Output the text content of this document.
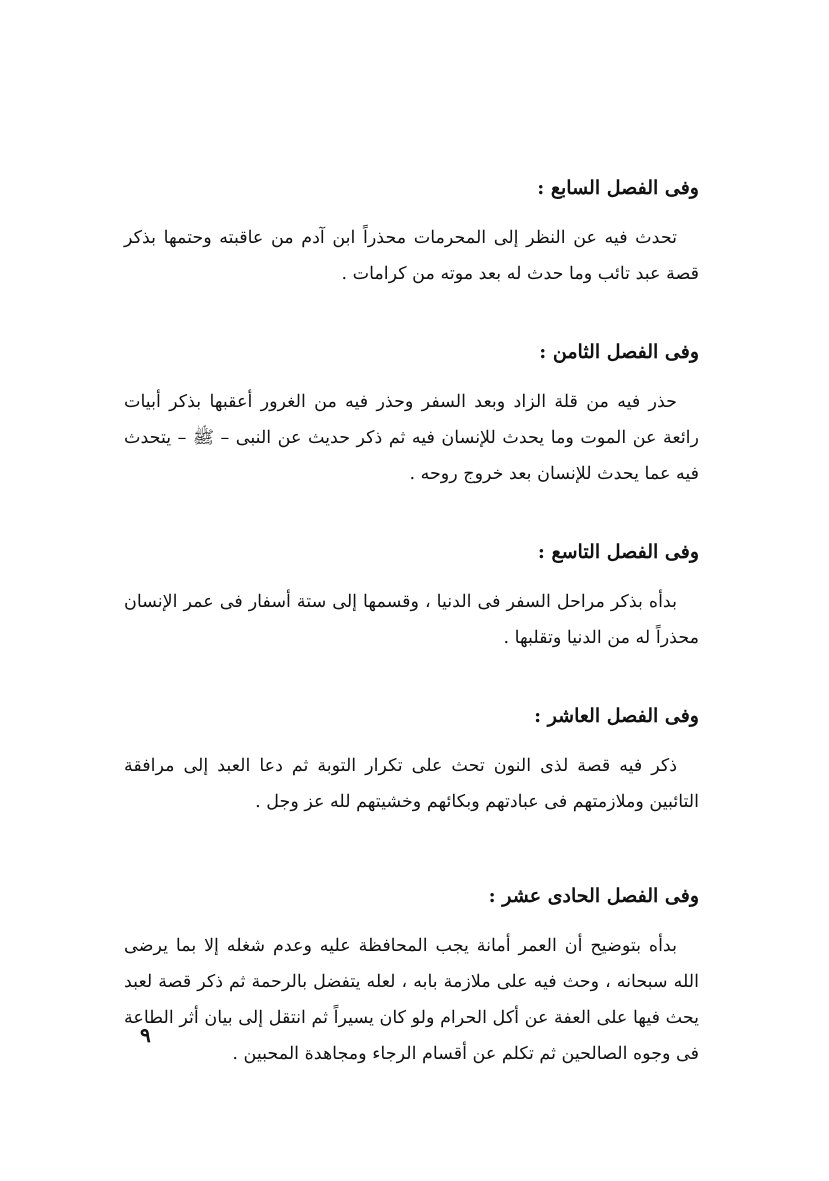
وفى الفصل السابع :

تحدث فيه عن النظر إلى المحرمات محذراً ابن آدم من عاقبته وحتمها بذكر قصة عبد تائب وما حدث له بعد موته من كرامات .

وفى الفصل الثامن :

حذر فيه من قلة الزاد وبعد السفر وحذر فيه من الغرور أعقبها بذكر أبيات رائعة عن الموت وما يحدث للإنسان فيه ثم ذكر حديث عن النبى – ﷺ – يتحدث فيه عما يحدث للإنسان بعد خروج روحه .

وفى الفصل التاسع :

بدأه بذكر مراحل السفر فى الدنيا ، وقسمها إلى ستة أسفار فى عمر الإنسان محذراً له من الدنيا وتقلبها .

وفى الفصل العاشر :

ذكر فيه قصة لذى النون تحث على تكرار التوبة ثم دعا العبد إلى مرافقة التائبين وملازمتهم فى عبادتهم وبكائهم وخشيتهم لله عز وجل .

وفى الفصل الحادى عشر :

بدأه بتوضيح أن العمر أمانة يجب المحافظة عليه وعدم شغله إلا بما يرضى الله سبحانه ، وحث فيه على ملازمة بابه ، لعله يتفضل بالرحمة ثم ذكر قصة لعبد يحث فيها على العفة عن أكل الحرام ولو كان يسيراً ثم انتقل إلى بيان أثر الطاعة فى وجوه الصالحين ثم تكلم عن أقسام الرجاء ومجاهدة المحبين .

٩
